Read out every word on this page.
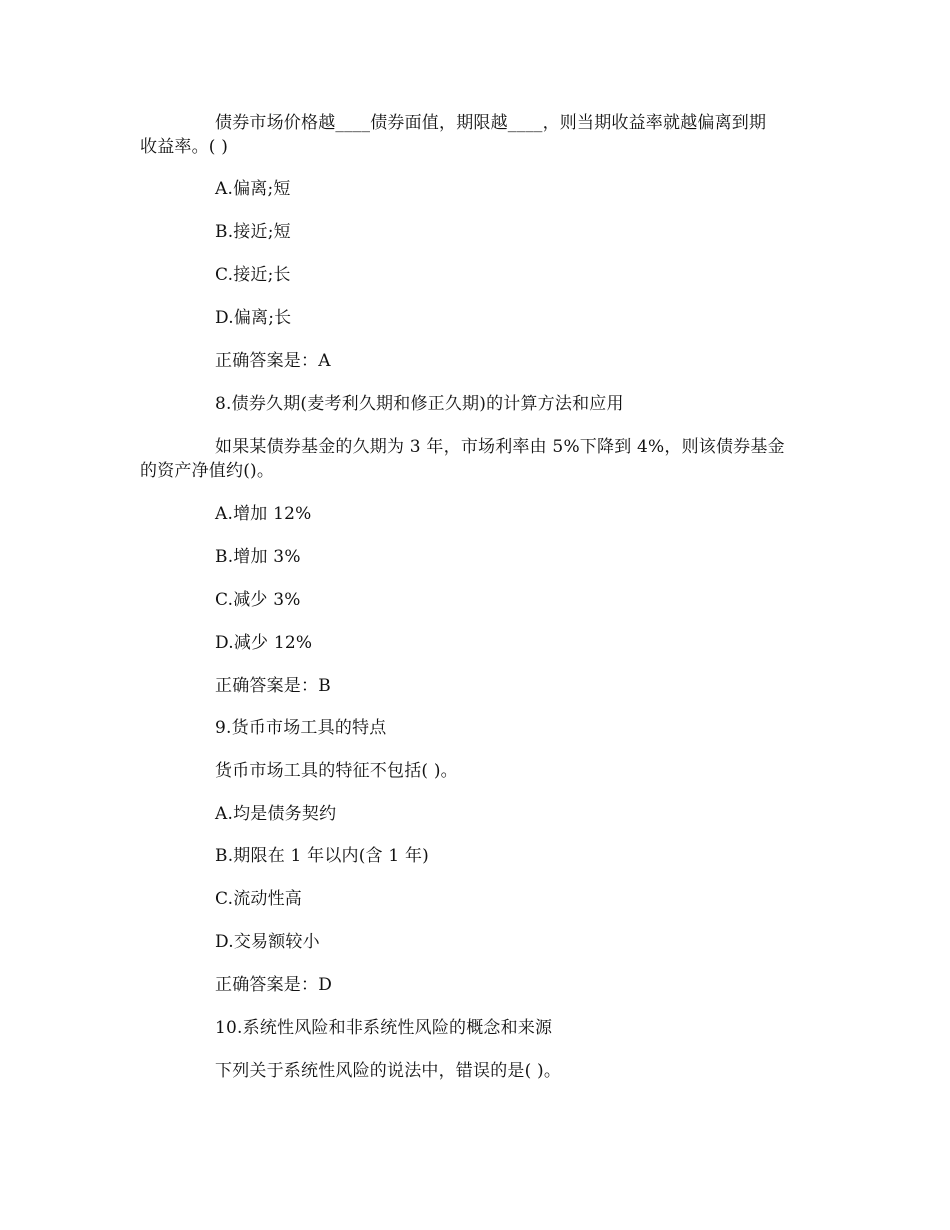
债券市场价格越____债券面值，期限越____，则当期收益率就越偏离到期
收益率。( )
A.偏离;短
B.接近;短
C.接近;长
D.偏离;长
正确答案是：A
8.债券久期(麦考利久期和修正久期)的计算方法和应用
如果某债券基金的久期为 3 年，市场利率由 5%下降到 4%，则该债券基金
的资产净值约()。
A.增加 12%
B.增加 3%
C.减少 3%
D.减少 12%
正确答案是：B
9.货币市场工具的特点
货币市场工具的特征不包括( )。
A.均是债务契约
B.期限在 1 年以内(含 1 年)
C.流动性高
D.交易额较小
正确答案是：D
10.系统性风险和非系统性风险的概念和来源
下列关于系统性风险的说法中，错误的是( )。
